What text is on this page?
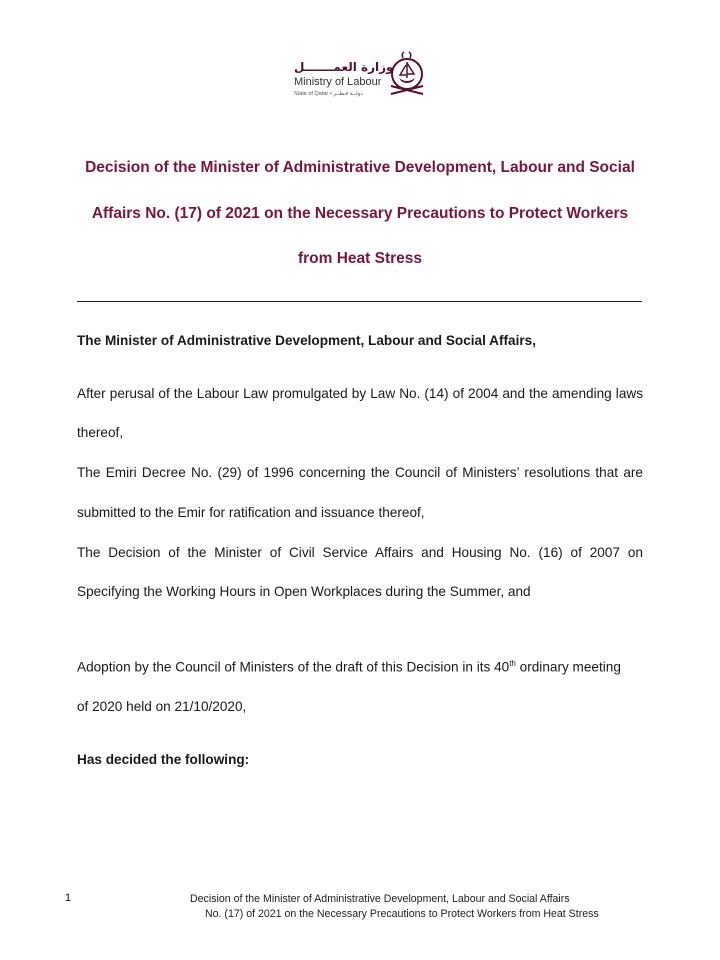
وزارة العمـــــــل
Ministry of Labour
State of Qatar • دولــة قـطــر
Decision of the Minister of Administrative Development, Labour and Social
Affairs No. (17) of 2021 on the Necessary Precautions to Protect Workers
from Heat Stress
The Minister of Administrative Development, Labour and Social Affairs,
After perusal of the Labour Law promulgated by Law No. (14) of 2004 and the amending laws
thereof,
The Emiri Decree No. (29) of 1996 concerning the Council of Ministers’ resolutions that are
submitted to the Emir for ratification and issuance thereof,
The Decision of the Minister of Civil Service Affairs and Housing No. (16) of 2007 on
Specifying the Working Hours in Open Workplaces during the Summer, and
Adoption by the Council of Ministers of the draft of this Decision in its 40th ordinary meeting
of 2020 held on 21/10/2020,
Has decided the following:
1	Decision of the Minister of Administrative Development, Labour and Social Affairs
No. (17) of 2021 on the Necessary Precautions to Protect Workers from Heat Stress
